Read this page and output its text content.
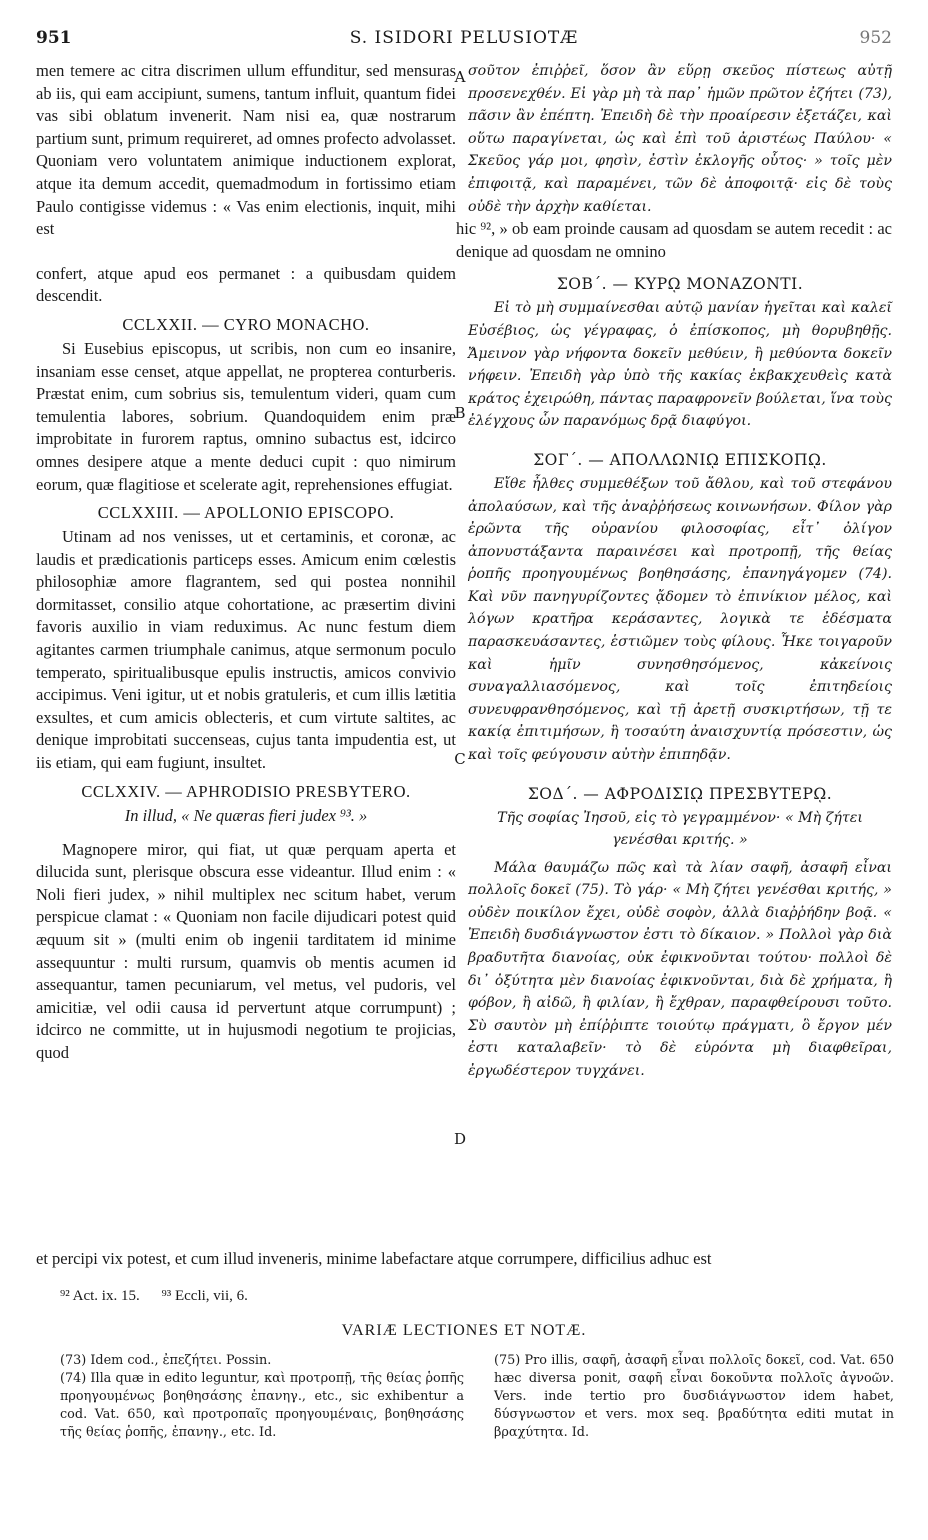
951	S. ISIDORI PELUSIOTÆ	952
A
B
C
D

men temere ac citra discrimen ullum effunditur, sed mensuras ab iis, qui eam accipiunt, sumens, tantum influit, quantum fidei vas sibi oblatum invenerit. Nam nisi ea, quæ nostrarum partium sunt, primum requireret, ad omnes profecto advolasset. Quoniam vero voluntatem animique inductionem explorat, atque ita demum accedit, quemadmodum in fortissimo etiam Paulo contigisse videmus : « Vas enim electionis, inquit, mihi est

confert, atque apud eos permanet : a quibusdam quidem descendit.

CCLXXII. — CYRO MONACHO.

Si Eusebius episcopus, ut scribis, non cum eo insanire, insaniam esse censet, atque appellat, ne propterea conturberis. Præstat enim, cum sobrius sis, temulentum videri, quam cum temulentia labores, sobrium. Quandoquidem enim præ improbitate in furorem raptus, omnino subactus est, idcirco omnes desipere atque a mente deduci cupit : quo nimirum eorum, quæ flagitiose et scelerate agit, reprehensiones effugiat.

CCLXXIII. — APOLLONIO EPISCOPO.

Utinam ad nos venisses, ut et certaminis, et coronæ, ac laudis et prædicationis particeps esses. Amicum enim cœlestis philosophiæ amore flagrantem, sed qui postea nonnihil dormitasset, consilio atque cohortatione, ac præsertim divini favoris auxilio in viam reduximus. Ac nunc festum diem agitantes carmen triumphale canimus, atque sermonum poculo temperato, spiritualibusque epulis instructis, amicos convivio accipimus. Veni igitur, ut et nobis gratuleris, et cum illis lætitia exsultes, et cum amicis oblecteris, et cum virtute saltites, ac denique improbitati succenseas, cujus tanta impudentia est, ut iis etiam, qui eam fugiunt, insultet.

CCLXXIV. — APHRODISIO PRESBYTERO.

In illud, « Ne quæras fieri judex ⁹³. »

Magnopere miror, qui fiat, ut quæ perquam aperta et dilucida sunt, plerisque obscura esse videantur. Illud enim : « Noli fieri judex, » nihil multiplex nec scitum habet, verum perspicue clamat : « Quoniam non facile dijudicari potest quid æquum sit » (multi enim ob ingenii tarditatem id minime assequuntur : multi rursum, quamvis ob mentis acumen id assequantur, tamen pecuniarum, vel metus, vel pudoris, vel amicitiæ, vel odii causa id pervertunt atque corrumpunt) ; idcirco ne committe, ut in hujusmodi negotium te projicias, quod

σοῦτον ἐπιῤῥεῖ, ὅσον ἂν εὕρῃ σκεῦος πίστεως αὐτῇ προσενεχθέν. Εἰ γὰρ μὴ τὰ παρ᾽ ἡμῶν πρῶτον ἐζήτει (73), πᾶσιν ἂν ἐπέπτη. Ἐπειδὴ δὲ τὴν προαίρεσιν ἐξετάζει, καὶ οὕτω παραγίνεται, ὡς καὶ ἐπὶ τοῦ ἀριστέως Παύλου· « Σκεῦος γάρ μοι, φησὶν, ἐστὶν ἐκλογῆς οὗτος· » τοῖς μὲν ἐπιφοιτᾷ, καὶ παραμένει, τῶν δὲ ἀποφοιτᾷ· εἰς δὲ τοὺς οὐδὲ τὴν ἀρχὴν καθίεται.

hic ⁹², » ob eam proinde causam ad quosdam se autem recedit : ac denique ad quosdam ne omnino

ΣΟΒ΄. — ΚΥΡῼ ΜΟΝΑΖΟΝΤΙ.

Εἰ τὸ μὴ συμμαίνεσθαι αὐτῷ μανίαν ἡγεῖται καὶ καλεῖ Εὐσέβιος, ὡς γέγραφας, ὁ ἐπίσκοπος, μὴ θορυβηθῇς. Ἄμεινον γὰρ νήφοντα δοκεῖν μεθύειν, ἢ μεθύοντα δοκεῖν νήφειν. Ἐπειδὴ γὰρ ὑπὸ τῆς κακίας ἐκβακχευθεὶς κατὰ κράτος ἐχειρώθη, πάντας παραφρονεῖν βούλεται, ἵνα τοὺς ἐλέγχους ὧν παρανόμως δρᾷ διαφύγοι.

ΣΟΓ΄. — ΑΠΟΛΛΩΝΙῼ ΕΠΙΣΚΟΠῼ.

Εἴθε ἦλθες συμμεθέξων τοῦ ἄθλου, καὶ τοῦ στεφάνου ἀπολαύσων, καὶ τῆς ἀναῤῥήσεως κοινωνήσων. Φίλον γὰρ ἐρῶντα τῆς οὐρανίου φιλοσοφίας, εἶτ᾽ ὀλίγον ἀπονυστάξαντα παραινέσει καὶ προτροπῇ, τῆς θείας ῥοπῆς προηγουμένως βοηθησάσης, ἐπανηγάγομεν (74). Καὶ νῦν πανηγυρίζοντες ᾄδομεν τὸ ἐπινίκιον μέλος, καὶ λόγων κρατῆρα κεράσαντες, λογικὰ τε ἐδέσματα παρασκευάσαντες, ἑστιῶμεν τοὺς φίλους. Ἧκε τοιγαροῦν καὶ ἡμῖν συνησθησόμενος, κἀκείνοις συναγαλλιασόμενος, καὶ τοῖς ἐπιτηδείοις συνευφρανθησόμενος, καὶ τῇ ἀρετῇ συσκιρτήσων, τῇ τε κακίᾳ ἐπιτιμήσων, ἣ τοσαύτη ἀναισχυντίᾳ πρόσεστιν, ὡς καὶ τοῖς φεύγουσιν αὐτὴν ἐπιπηδᾷν.

ΣΟΔ΄. — ΑΦΡΟΔΙΣΙῼ ΠΡΕΣΒΥΤΕΡῼ.

Τῆς σοφίας Ἰησοῦ, εἰς τὸ γεγραμμένον· « Μὴ ζήτει γενέσθαι κριτής. »

Μάλα θαυμάζω πῶς καὶ τὰ λίαν σαφῆ, ἀσαφῆ εἶναι πολλοῖς δοκεῖ (75). Τὸ γάρ· « Μὴ ζήτει γενέσθαι κριτής, » οὐδὲν ποικίλον ἔχει, οὐδὲ σοφὸν, ἀλλὰ διαῤῥήδην βοᾷ. « Ἐπειδὴ δυσδιάγνωστον ἐστι τὸ δίκαιον. » Πολλοὶ γὰρ διὰ βραδυτῆτα διανοίας, οὐκ ἐφικνοῦνται τούτου· πολλοὶ δὲ δι᾽ ὀξύτητα μὲν διανοίας ἐφικνοῦνται, διὰ δὲ χρήματα, ἢ φόβον, ἢ αἰδῶ, ἢ φιλίαν, ἢ ἔχθραν, παραφθείρουσι τοῦτο. Σὺ σαυτὸν μὴ ἐπίῤῥιπτε τοιούτῳ πράγματι, ὃ ἔργον μέν ἐστι καταλαβεῖν· τὸ δὲ εὑρόντα μὴ διαφθεῖραι, ἐργωδέστερον τυγχάνει.

et percipi vix potest, et cum illud inveneris, minime labefactare atque corrumpere, difficilius adhuc est
⁹² Act. ix. 15. ⁹³ Eccli, vii, 6.
VARIÆ LECTIONES ET NOTÆ.

(73) Idem cod., ἐπεζήτει. Possin.

(74) Illa quæ in edito leguntur, καὶ προτροπῇ, τῆς θείας ῥοπῆς προηγουμένως βοηθησάσης ἐπανηγ., etc., sic exhibentur a cod. Vat. 650, καὶ προτροπαῖς προηγουμέναις, βοηθησάσης τῆς θείας ῥοπῆς, ἐπανηγ., etc. Id.

(75) Pro illis, σαφῆ, ἀσαφῆ εἶναι πολλοῖς δοκεῖ, cod. Vat. 650 hæc diversa ponit, σαφῆ εἶναι δοκοῦντα πολλοῖς ἀγνοῶν. Vers. inde tertio pro δυσδιάγνωστον idem habet, δύσγνωστον et vers. mox seq. βραδύτητα editi mutat in βραχύτητα. Id.
